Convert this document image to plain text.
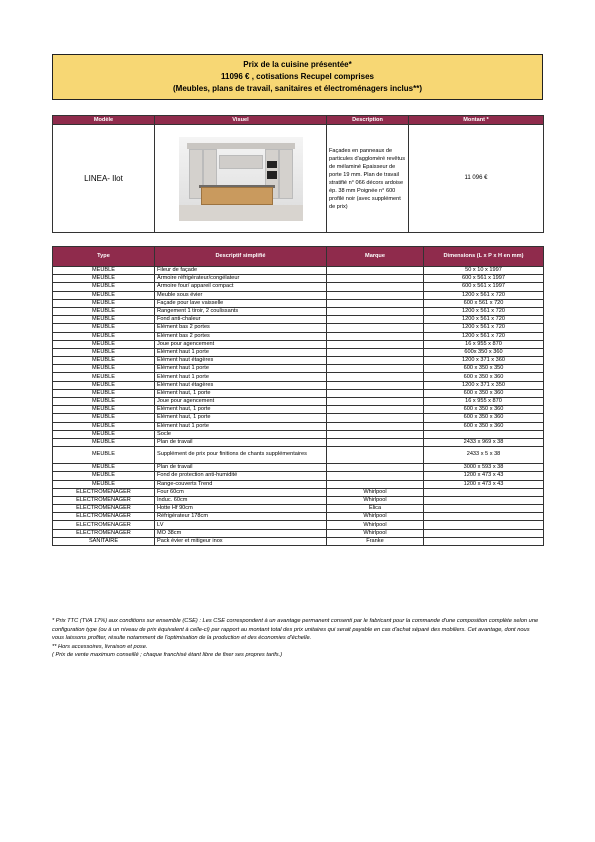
Prix de la cuisine présentée*
11096 € , cotisations Recupel comprises
(Meubles, plans de travail, sanitaires et électroménagers inclus**)
Modèle	Visuel	Description	Montant *
LINEA- Ilot		Façades en panneaux de particules d'aggloméré revêtus de mélaminé Epaisseur de porte 19 mm. Plan de travail stratifié n° 066 décors ardoise ép. 38 mm Poignée n° 600 profilé noir (avec supplément de prix)	11 096 €
Type	Descriptif simplifié	Marque	Dimensions (L x P x H en mm)
MEUBLE	Fileur de façade		50 x 10 x 1997
MEUBLE	Armoire réfrigérateur/congélateur		600 x 561 x 1997
MEUBLE	Armoire four/ appareil compact		600 x 561 x 1997
MEUBLE	Meuble sous évier		1200 x 561 x 720
MEUBLE	Façade pour lave vaisselle		600 x 561 x 720
MEUBLE	Rangement 1 tiroir, 2 coulissants		1200 x 561 x 720
MEUBLE	Fond anti-chaleur		1200 x 561 x 720
MEUBLE	Elément bas 2 portes		1200 x 561 x 720
MEUBLE	Elément bas 2 portes		1200 x 561 x 720
MEUBLE	Joue pour agencement		16 x 955 x 870
MEUBLE	Elément haut 1 porte		600x 350 x 360
MEUBLE	Elément haut étagères		1200 x 371 x 360
MEUBLE	Elément haut 1 porte		600 x 350 x 350
MEUBLE	Elément haut 1 porte		600 x 350 x 360
MEUBLE	Elément haut étagères		1200 x 371 x 350
MEUBLE	Elément haut, 1 porte		600 x 350 x 360
MEUBLE	Joue pour agencement		16 x 955 x 870
MEUBLE	Elément haut, 1 porte		600 x 350 x 360
MEUBLE	Elément haut, 1 porte		600 x 350 x 360
MEUBLE	Elément haut 1 porte		600 x 350 x 360
MEUBLE	Socle		
MEUBLE	Plan de travail		2433 x 969 x 38
MEUBLE	Supplément de prix pour finitions de chants supplémentaires		2433 x 5 x 38
MEUBLE	Plan de travail		3000 x 593 x 38
MEUBLE	Fond de protection anti-humidité		1200 x 473 x 43
MEUBLE	Range-couverts Trend		1200 x 473 x 43
ELECTROMENAGER	Four 60cm	Whirlpool	
ELECTROMENAGER	Induc. 60cm	Whirlpool	
ELECTROMENAGER	Hotte Hf 90cm	Elica	
ELECTROMENAGER	Réfrigérateur 178cm	Whirlpool	
ELECTROMENAGER	LV	Whirlpool	
ELECTROMENAGER	MO 38cm	Whirlpool	
SANITAIRE	Pack évier et mitigeur inox	Franke	

* Prix TTC (TVA 17%) aux conditions sur ensemble (CSE) : Les CSE correspondent à un avantage permanent consenti par le fabricant pour la commande d'une composition complète selon une configuration type (ou à un niveau de prix équivalent à celle-ci) par rapport au montant total des prix unitaires qui serait payable en cas d'achat séparé des mobiliers. Cet avantage, dont nous vous laissons profiter, résulte notamment de l'optimisation de la production et des économies d'échelle.

** Hors accessoires, livraison et pose.

( Prix de vente maximum conseillé ; chaque franchisé étant libre de fixer ses propres tarifs.)
